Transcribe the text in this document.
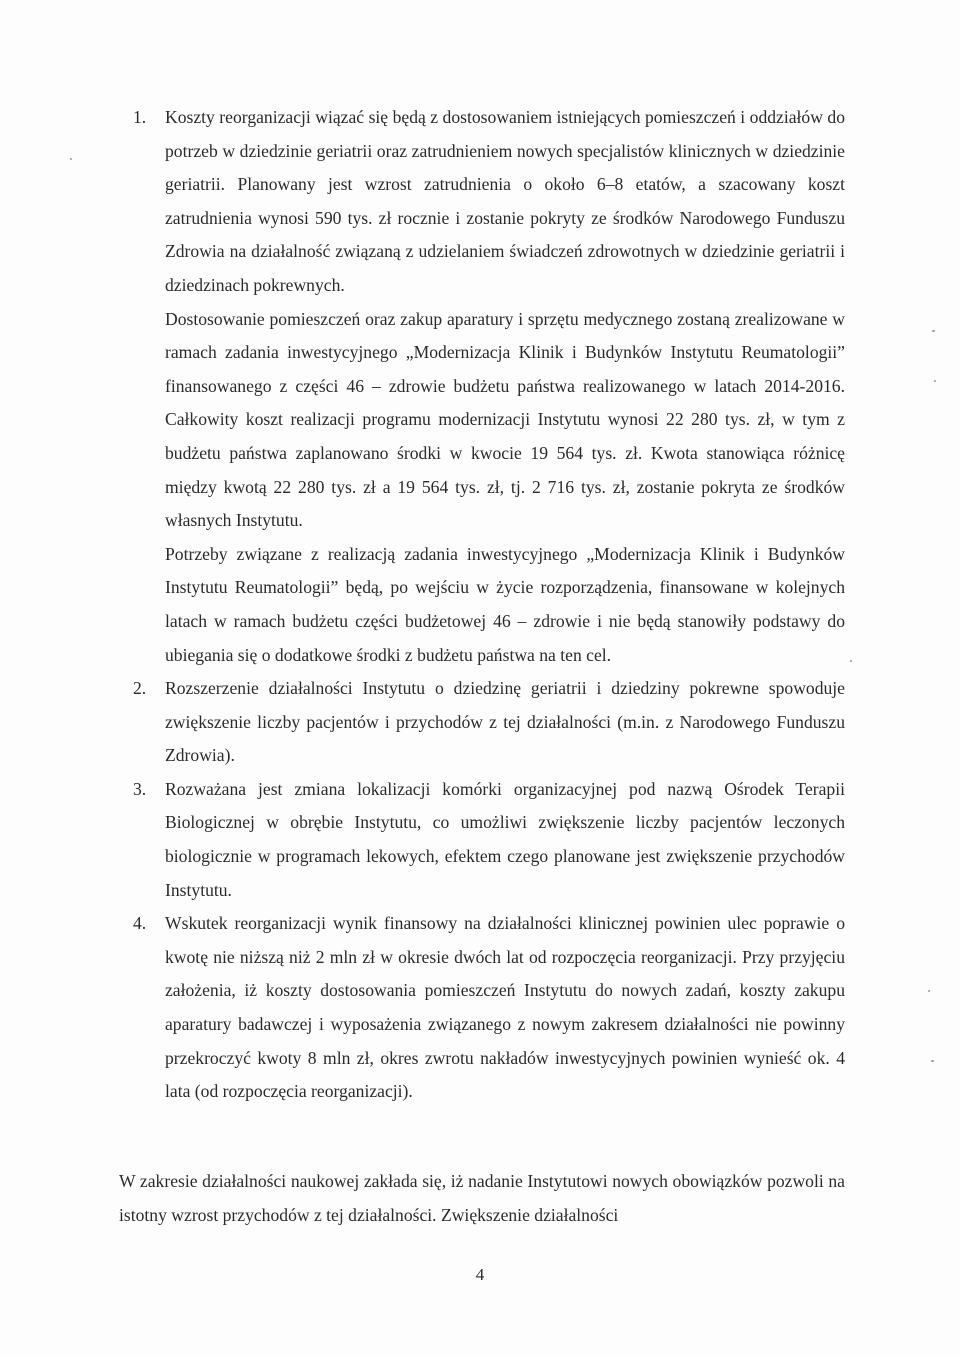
1.	Koszty reorganizacji wiązać się będą z dostosowaniem istniejących pomieszczeń i oddziałów do potrzeb w dziedzinie geriatrii oraz zatrudnieniem nowych specjalistów klinicznych w dziedzinie geriatrii. Planowany jest wzrost zatrudnienia o około 6–8 etatów, a szacowany koszt zatrudnienia wynosi 590 tys. zł rocznie i zostanie pokryty ze środków Narodowego Funduszu Zdrowia na działalność związaną z udzielaniem świadczeń zdrowotnych w dziedzinie geriatrii i dziedzinach pokrewnych.

Dostosowanie pomieszczeń oraz zakup aparatury i sprzętu medycznego zostaną zrealizowane w ramach zadania inwestycyjnego „Modernizacja Klinik i Budynków Instytutu Reumatologii” finansowanego z części 46 – zdrowie budżetu państwa realizowanego w latach 2014-2016. Całkowity koszt realizacji programu modernizacji Instytutu wynosi 22 280 tys. zł, w tym z budżetu państwa zaplanowano środki w kwocie 19 564 tys. zł. Kwota stanowiąca różnicę między kwotą 22 280 tys. zł a 19 564 tys. zł, tj. 2 716 tys. zł, zostanie pokryta ze środków własnych Instytutu.

Potrzeby związane z realizacją zadania inwestycyjnego „Modernizacja Klinik i Budynków Instytutu Reumatologii” będą, po wejściu w życie rozporządzenia, finansowane w kolejnych latach w ramach budżetu części budżetowej 46 – zdrowie i nie będą stanowiły podstawy do ubiegania się o dodatkowe środki z budżetu państwa na ten cel.

2.	Rozszerzenie działalności Instytutu o dziedzinę geriatrii i dziedziny pokrewne spowoduje zwiększenie liczby pacjentów i przychodów z tej działalności (m.in. z Narodowego Funduszu Zdrowia).

3.	Rozważana jest zmiana lokalizacji komórki organizacyjnej pod nazwą Ośrodek Terapii Biologicznej w obrębie Instytutu, co umożliwi zwiększenie liczby pacjentów leczonych biologicznie w programach lekowych, efektem czego planowane jest zwiększenie przychodów Instytutu.

4.	Wskutek reorganizacji wynik finansowy na działalności klinicznej powinien ulec poprawie o kwotę nie niższą niż 2 mln zł w okresie dwóch lat od rozpoczęcia reorganizacji. Przy przyjęciu założenia, iż koszty dostosowania pomieszczeń Instytutu do nowych zadań, koszty zakupu aparatury badawczej i wyposażenia związanego z nowym zakresem działalności nie powinny przekroczyć kwoty 8 mln zł, okres zwrotu nakładów inwestycyjnych powinien wynieść ok. 4 lata (od rozpoczęcia reorganizacji).

W zakresie działalności naukowej zakłada się, iż nadanie Instytutowi nowych obowiązków pozwoli na istotny wzrost przychodów z tej działalności. Zwiększenie działalności

4
